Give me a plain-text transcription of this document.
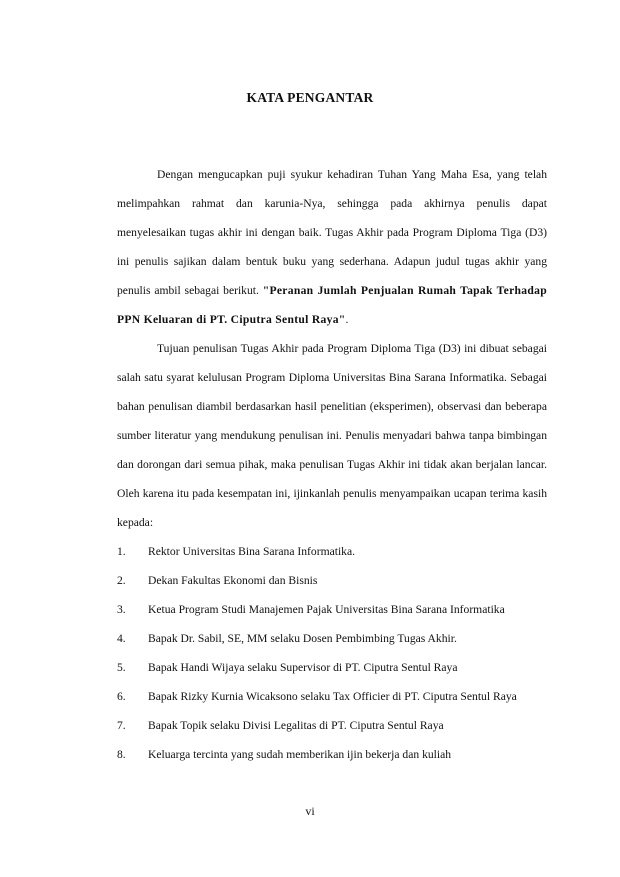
KATA PENGANTAR

Dengan mengucapkan puji syukur kehadiran Tuhan Yang Maha Esa, yang telah melimpahkan rahmat dan karunia-Nya, sehingga pada akhirnya penulis dapat menyelesaikan tugas akhir ini dengan baik. Tugas Akhir pada Program Diploma Tiga (D3) ini penulis sajikan dalam bentuk buku yang sederhana. Adapun judul tugas akhir yang penulis ambil sebagai berikut. "Peranan Jumlah Penjualan Rumah Tapak Terhadap PPN Keluaran di PT. Ciputra Sentul Raya".

Tujuan penulisan Tugas Akhir pada Program Diploma Tiga (D3) ini dibuat sebagai salah satu syarat kelulusan Program Diploma Universitas Bina Sarana Informatika. Sebagai bahan penulisan diambil berdasarkan hasil penelitian (eksperimen), observasi dan beberapa sumber literatur yang mendukung penulisan ini. Penulis menyadari bahwa tanpa bimbingan dan dorongan dari semua pihak, maka penulisan Tugas Akhir ini tidak akan berjalan lancar. Oleh karena itu pada kesempatan ini, ijinkanlah penulis menyampaikan ucapan terima kasih kepada:

1. Rektor Universitas Bina Sarana Informatika.
2. Dekan Fakultas Ekonomi dan Bisnis
3. Ketua Program Studi Manajemen Pajak Universitas Bina Sarana Informatika
4. Bapak Dr. Sabil, SE, MM selaku Dosen Pembimbing Tugas Akhir.
5. Bapak Handi Wijaya selaku Supervisor di PT. Ciputra Sentul Raya
6. Bapak Rizky Kurnia Wicaksono selaku Tax Officier di PT. Ciputra Sentul Raya
7. Bapak Topik selaku Divisi Legalitas di PT. Ciputra Sentul Raya
8. Keluarga tercinta yang sudah memberikan ijin bekerja dan kuliah
vi
